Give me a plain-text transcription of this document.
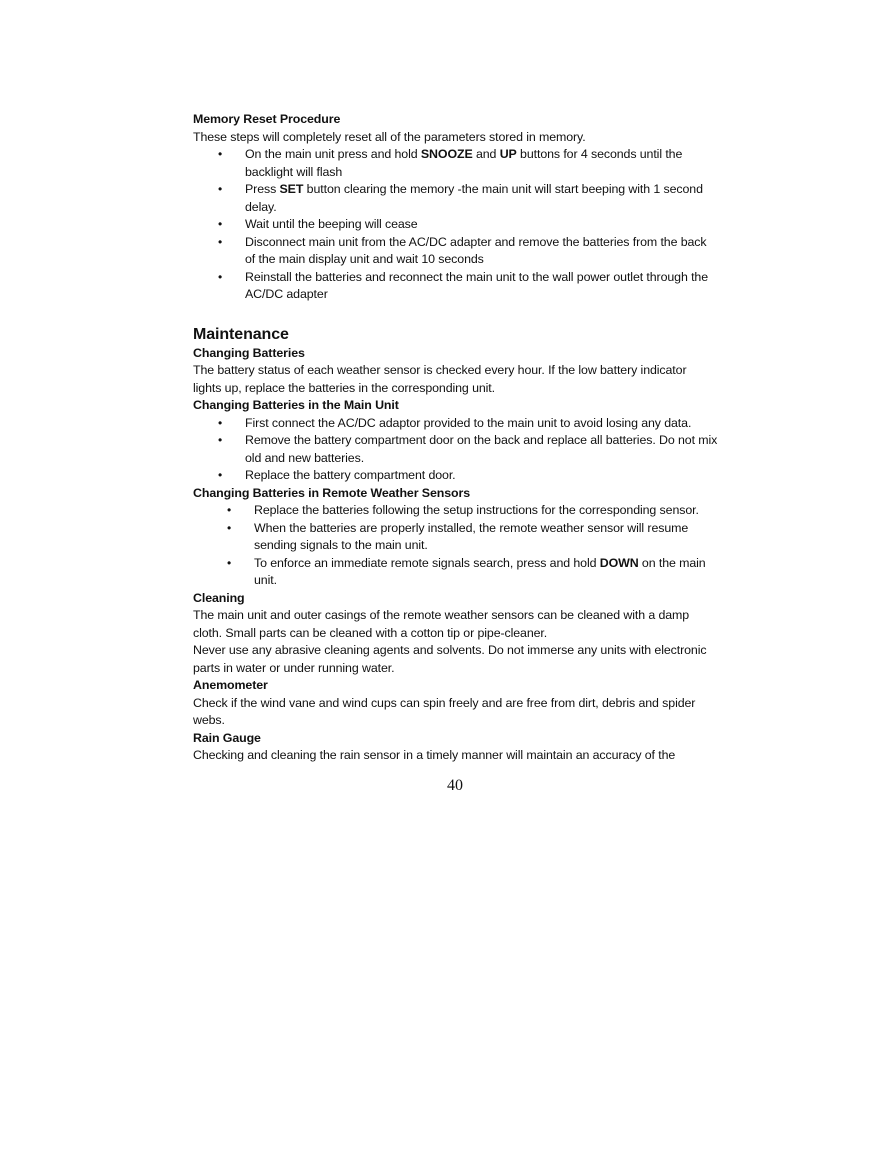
Memory Reset Procedure
These steps will completely reset all of the parameters stored in memory.
• On the main unit press and hold SNOOZE and UP buttons for 4 seconds until the backlight will flash
• Press SET button clearing the memory -the main unit will start beeping with 1 second delay.
• Wait until the beeping will cease
• Disconnect main unit from the AC/DC adapter and remove the batteries from the back of the main display unit and wait 10 seconds
• Reinstall the batteries and reconnect the main unit to the wall power outlet through the AC/DC adapter
Maintenance
Changing Batteries
The battery status of each weather sensor is checked every hour. If the low battery indicator lights up, replace the batteries in the corresponding unit.
Changing Batteries in the Main Unit
• First connect the AC/DC adaptor provided to the main unit to avoid losing any data.
• Remove the battery compartment door on the back and replace all batteries. Do not mix old and new batteries.
• Replace the battery compartment door.
Changing Batteries in Remote Weather Sensors
• Replace the batteries following the setup instructions for the corresponding sensor.
• When the batteries are properly installed, the remote weather sensor will resume sending signals to the main unit.
• To enforce an immediate remote signals search, press and hold DOWN on the main unit.
Cleaning
The main unit and outer casings of the remote weather sensors can be cleaned with a damp cloth. Small parts can be cleaned with a cotton tip or pipe-cleaner.
Never use any abrasive cleaning agents and solvents. Do not immerse any units with electronic parts in water or under running water.
Anemometer
Check if the wind vane and wind cups can spin freely and are free from dirt, debris and spider webs.
Rain Gauge
Checking and cleaning the rain sensor in a timely manner will maintain an accuracy of the
40
